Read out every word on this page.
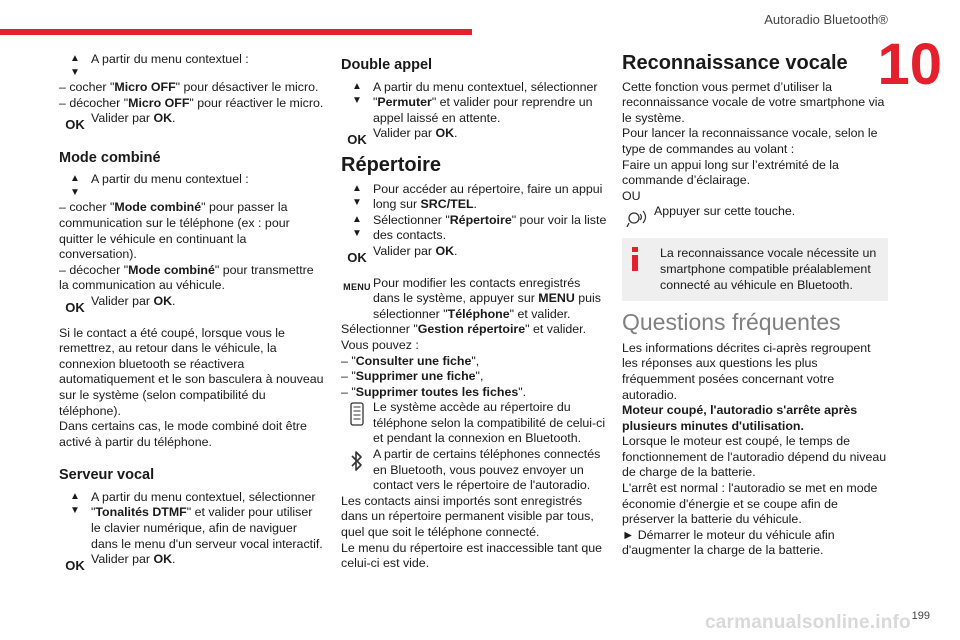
Autoradio Bluetooth®
10
▲
▼
A partir du menu contextuel :

– cocher "Micro OFF" pour désactiver le micro.

– décocher "Micro OFF" pour réactiver le micro.

OK Valider par OK.

Mode combiné

▲
▼
A partir du menu contextuel :

– cocher "Mode combiné" pour passer la communication sur le téléphone (ex : pour quitter le véhicule en continuant la conversation).

– décocher "Mode combiné" pour transmettre la communication au véhicule.

OK Valider par OK.

Si le contact a été coupé, lorsque vous le remettrez, au retour dans le véhicule, la connexion bluetooth se réactivera automatiquement et le son basculera à nouveau sur le système (selon compatibilité du téléphone).

Dans certains cas, le mode combiné doit être activé à partir du téléphone.

Serveur vocal

▲
▼
A partir du menu contextuel, sélectionner "Tonalités DTMF" et valider pour utiliser le clavier numérique, afin de naviguer dans le menu d'un serveur vocal interactif.
OK Valider par OK.

Double appel

▲
▼
A partir du menu contextuel, sélectionner "Permuter" et valider pour reprendre un appel laissé en attente.
OK Valider par OK.

Répertoire

▲
▼
Pour accéder au répertoire, faire un appui long sur SRC/TEL.
▲
▼
Sélectionner "Répertoire" pour voir la liste des contacts.
OK Valider par OK.
MENU Pour modifier les contacts enregistrés dans le système, appuyer sur MENU puis sélectionner "Téléphone" et valider.

Sélectionner "Gestion répertoire" et valider.

Vous pouvez :

– "Consulter une fiche",

– "Supprimer une fiche",

– "Supprimer toutes les fiches".

Le système accède au répertoire du téléphone selon la compatibilité de celui-ci et pendant la connexion en Bluetooth.
A partir de certains téléphones connectés en Bluetooth, vous pouvez envoyer un contact vers le répertoire de l'autoradio.

Les contacts ainsi importés sont enregistrés dans un répertoire permanent visible par tous, quel que soit le téléphone connecté.

Le menu du répertoire est inaccessible tant que celui-ci est vide.

Reconnaissance vocale

Cette fonction vous permet d’utiliser la reconnaissance vocale de votre smartphone via le système.

Pour lancer la reconnaissance vocale, selon le type de commandes au volant :

Faire un appui long sur l’extrémité de la commande d’éclairage.

OU

Appuyer sur cette touche.
La reconnaissance vocale nécessite un smartphone compatible préalablement connecté au véhicule en Bluetooth.

Questions fréquentes

Les informations décrites ci-après regroupent les réponses aux questions les plus fréquemment posées concernant votre autoradio.

Moteur coupé, l'autoradio s'arrête après plusieurs minutes d'utilisation.

Lorsque le moteur est coupé, le temps de fonctionnement de l'autoradio dépend du niveau de charge de la batterie.

L'arrêt est normal : l'autoradio se met en mode économie d'énergie et se coupe afin de préserver la batterie du véhicule.

► Démarrer le moteur du véhicule afin d'augmenter la charge de la batterie.

carmanualsonline.info 199
